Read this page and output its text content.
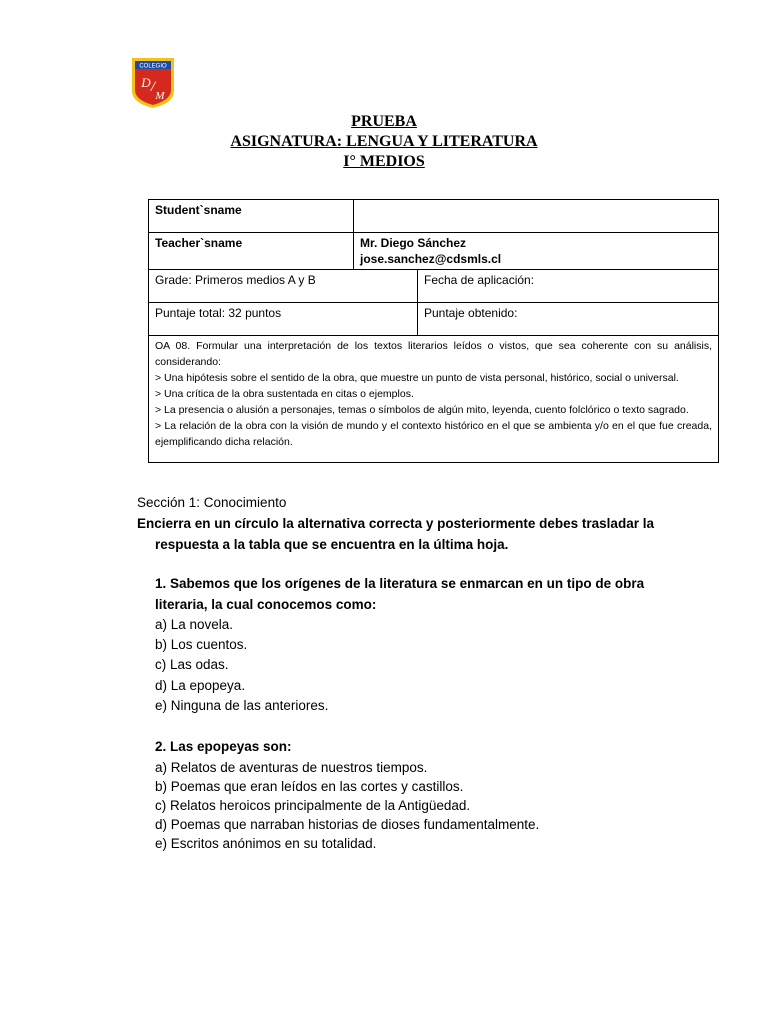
COLEGIO
D /
M
PRUEBA
ASIGNATURA: LENGUA Y LITERATURA
I° MEDIOS
Student`sname		
Teacher`sname	Mr. Diego Sánchez
jose.sanchez@cdsmls.cl	

Grade: Primeros medios A y B		Fecha de aplicación:
Puntaje total: 32 puntos		Puntaje obtenido:

OA 08. Formular una interpretación de los textos literarios leídos o vistos, que sea coherente con su análisis, considerando:

> Una hipótesis sobre el sentido de la obra, que muestre un punto de vista personal, histórico, social o universal.

> Una crítica de la obra sustentada en citas o ejemplos.

> La presencia o alusión a personajes, temas o símbolos de algún mito, leyenda, cuento folclórico o texto sagrado.

> La relación de la obra con la visión de mundo y el contexto histórico en el que se ambienta y/o en el que fue creada, ejemplificando dicha relación.		

Sección 1: Conocimiento
Encierra en un círculo la alternativa correcta y posteriormente debes trasladar la
respuesta a la tabla que se encuentra en la última hoja.
1. Sabemos que los orígenes de la literatura se enmarcan en un tipo de obra
literaria, la cual conocemos como:
a) La novela.
b) Los cuentos.
c) Las odas.
d) La epopeya.
e) Ninguna de las anteriores.
2. Las epopeyas son:
a) Relatos de aventuras de nuestros tiempos.
b) Poemas que eran leídos en las cortes y castillos.
c) Relatos heroicos principalmente de la Antigüedad.
d) Poemas que narraban historias de dioses fundamentalmente.
e) Escritos anónimos en su totalidad.
